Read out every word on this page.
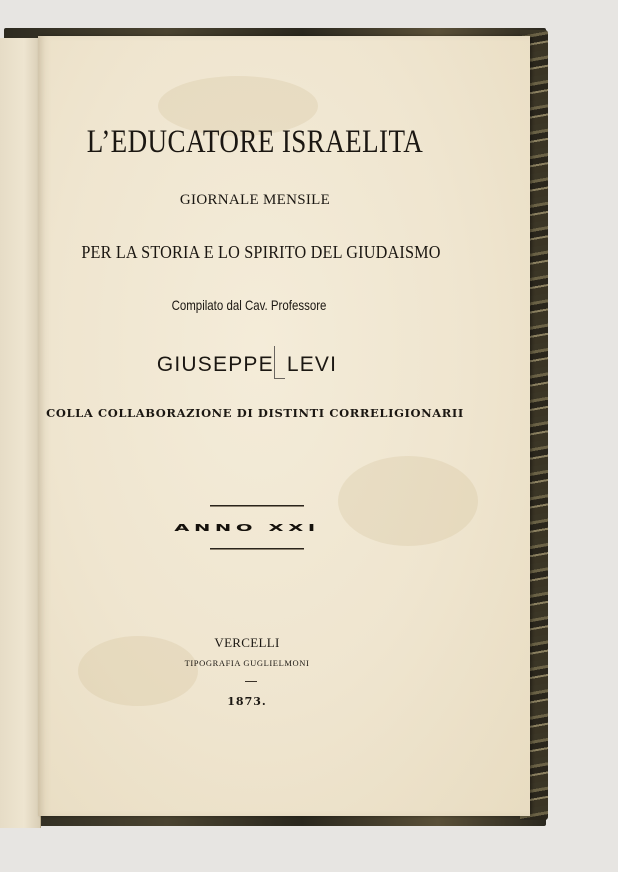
L’EDUCATORE ISRAELITA
GIORNALE MENSILE
PER LA STORIA E LO SPIRITO DEL GIUDAISMO
Compilato dal Cav. Professore
GIUSEPPE LEVI
COLLA COLLABORAZIONE DI DISTINTI CORRELIGIONARII
ANNO XXI
VERCELLI
TIPOGRAFIA GUGLIELMONI
1873.
